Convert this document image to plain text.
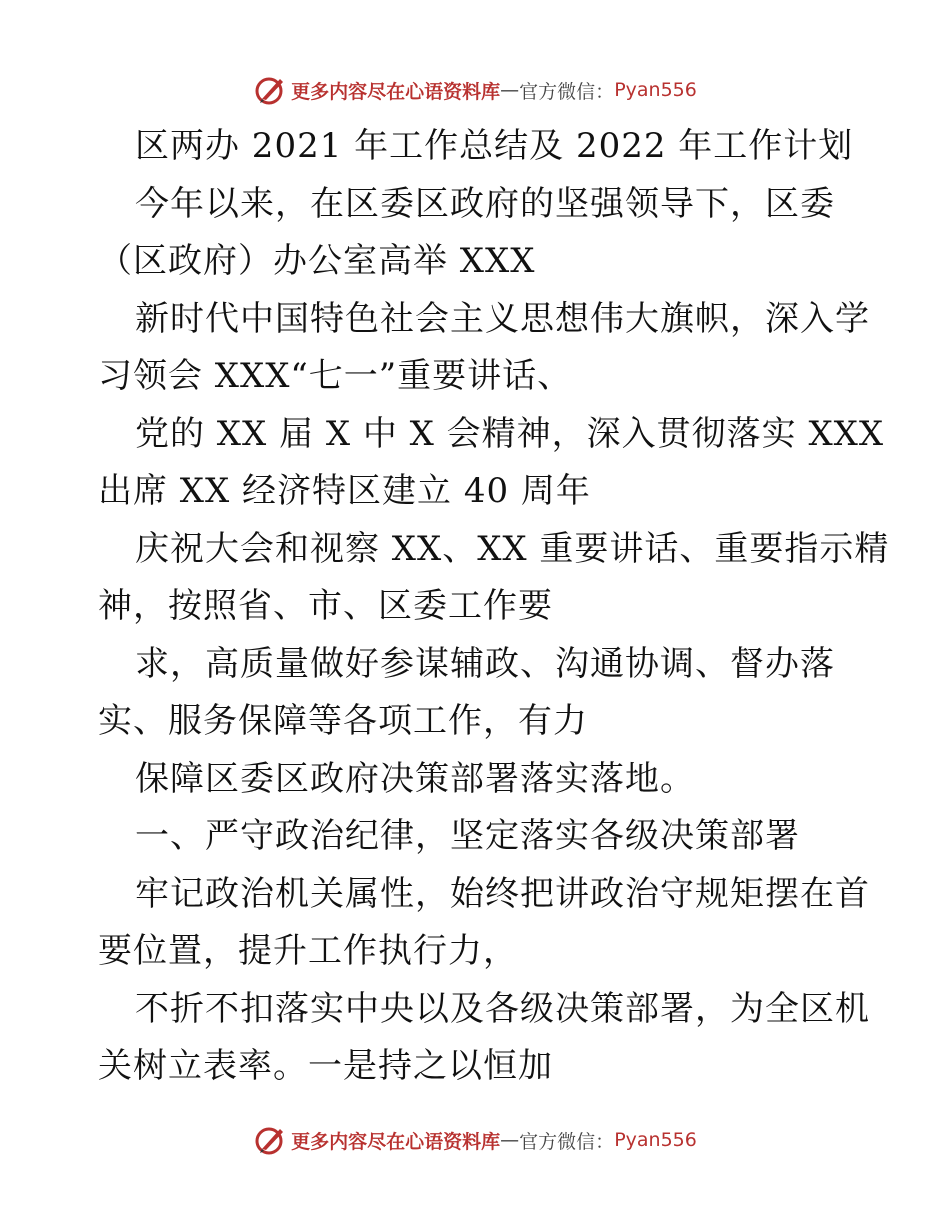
更多内容尽在心语资料库 — 官方微信： Pyan556
区两办 2021 年工作总结及 2022 年工作计划
今年以来，在区委区政府的坚强领导下，区委
（区政府）办公室高举 XXX
新时代中国特色社会主义思想伟大旗帜，深入学
习领会 XXX“七一”重要讲话、
党的 XX 届 X 中 X 会精神，深入贯彻落实 XXX
出席 XX 经济特区建立 40 周年
庆祝大会和视察 XX、XX 重要讲话、重要指示精
神，按照省、市、区委工作要
求，高质量做好参谋辅政、沟通协调、督办落
实、服务保障等各项工作，有力
保障区委区政府决策部署落实落地。
一、严守政治纪律，坚定落实各级决策部署
牢记政治机关属性，始终把讲政治守规矩摆在首
要位置，提升工作执行力，
不折不扣落实中央以及各级决策部署，为全区机
关树立表率。一是持之以恒加
更多内容尽在心语资料库 — 官方微信： Pyan556
